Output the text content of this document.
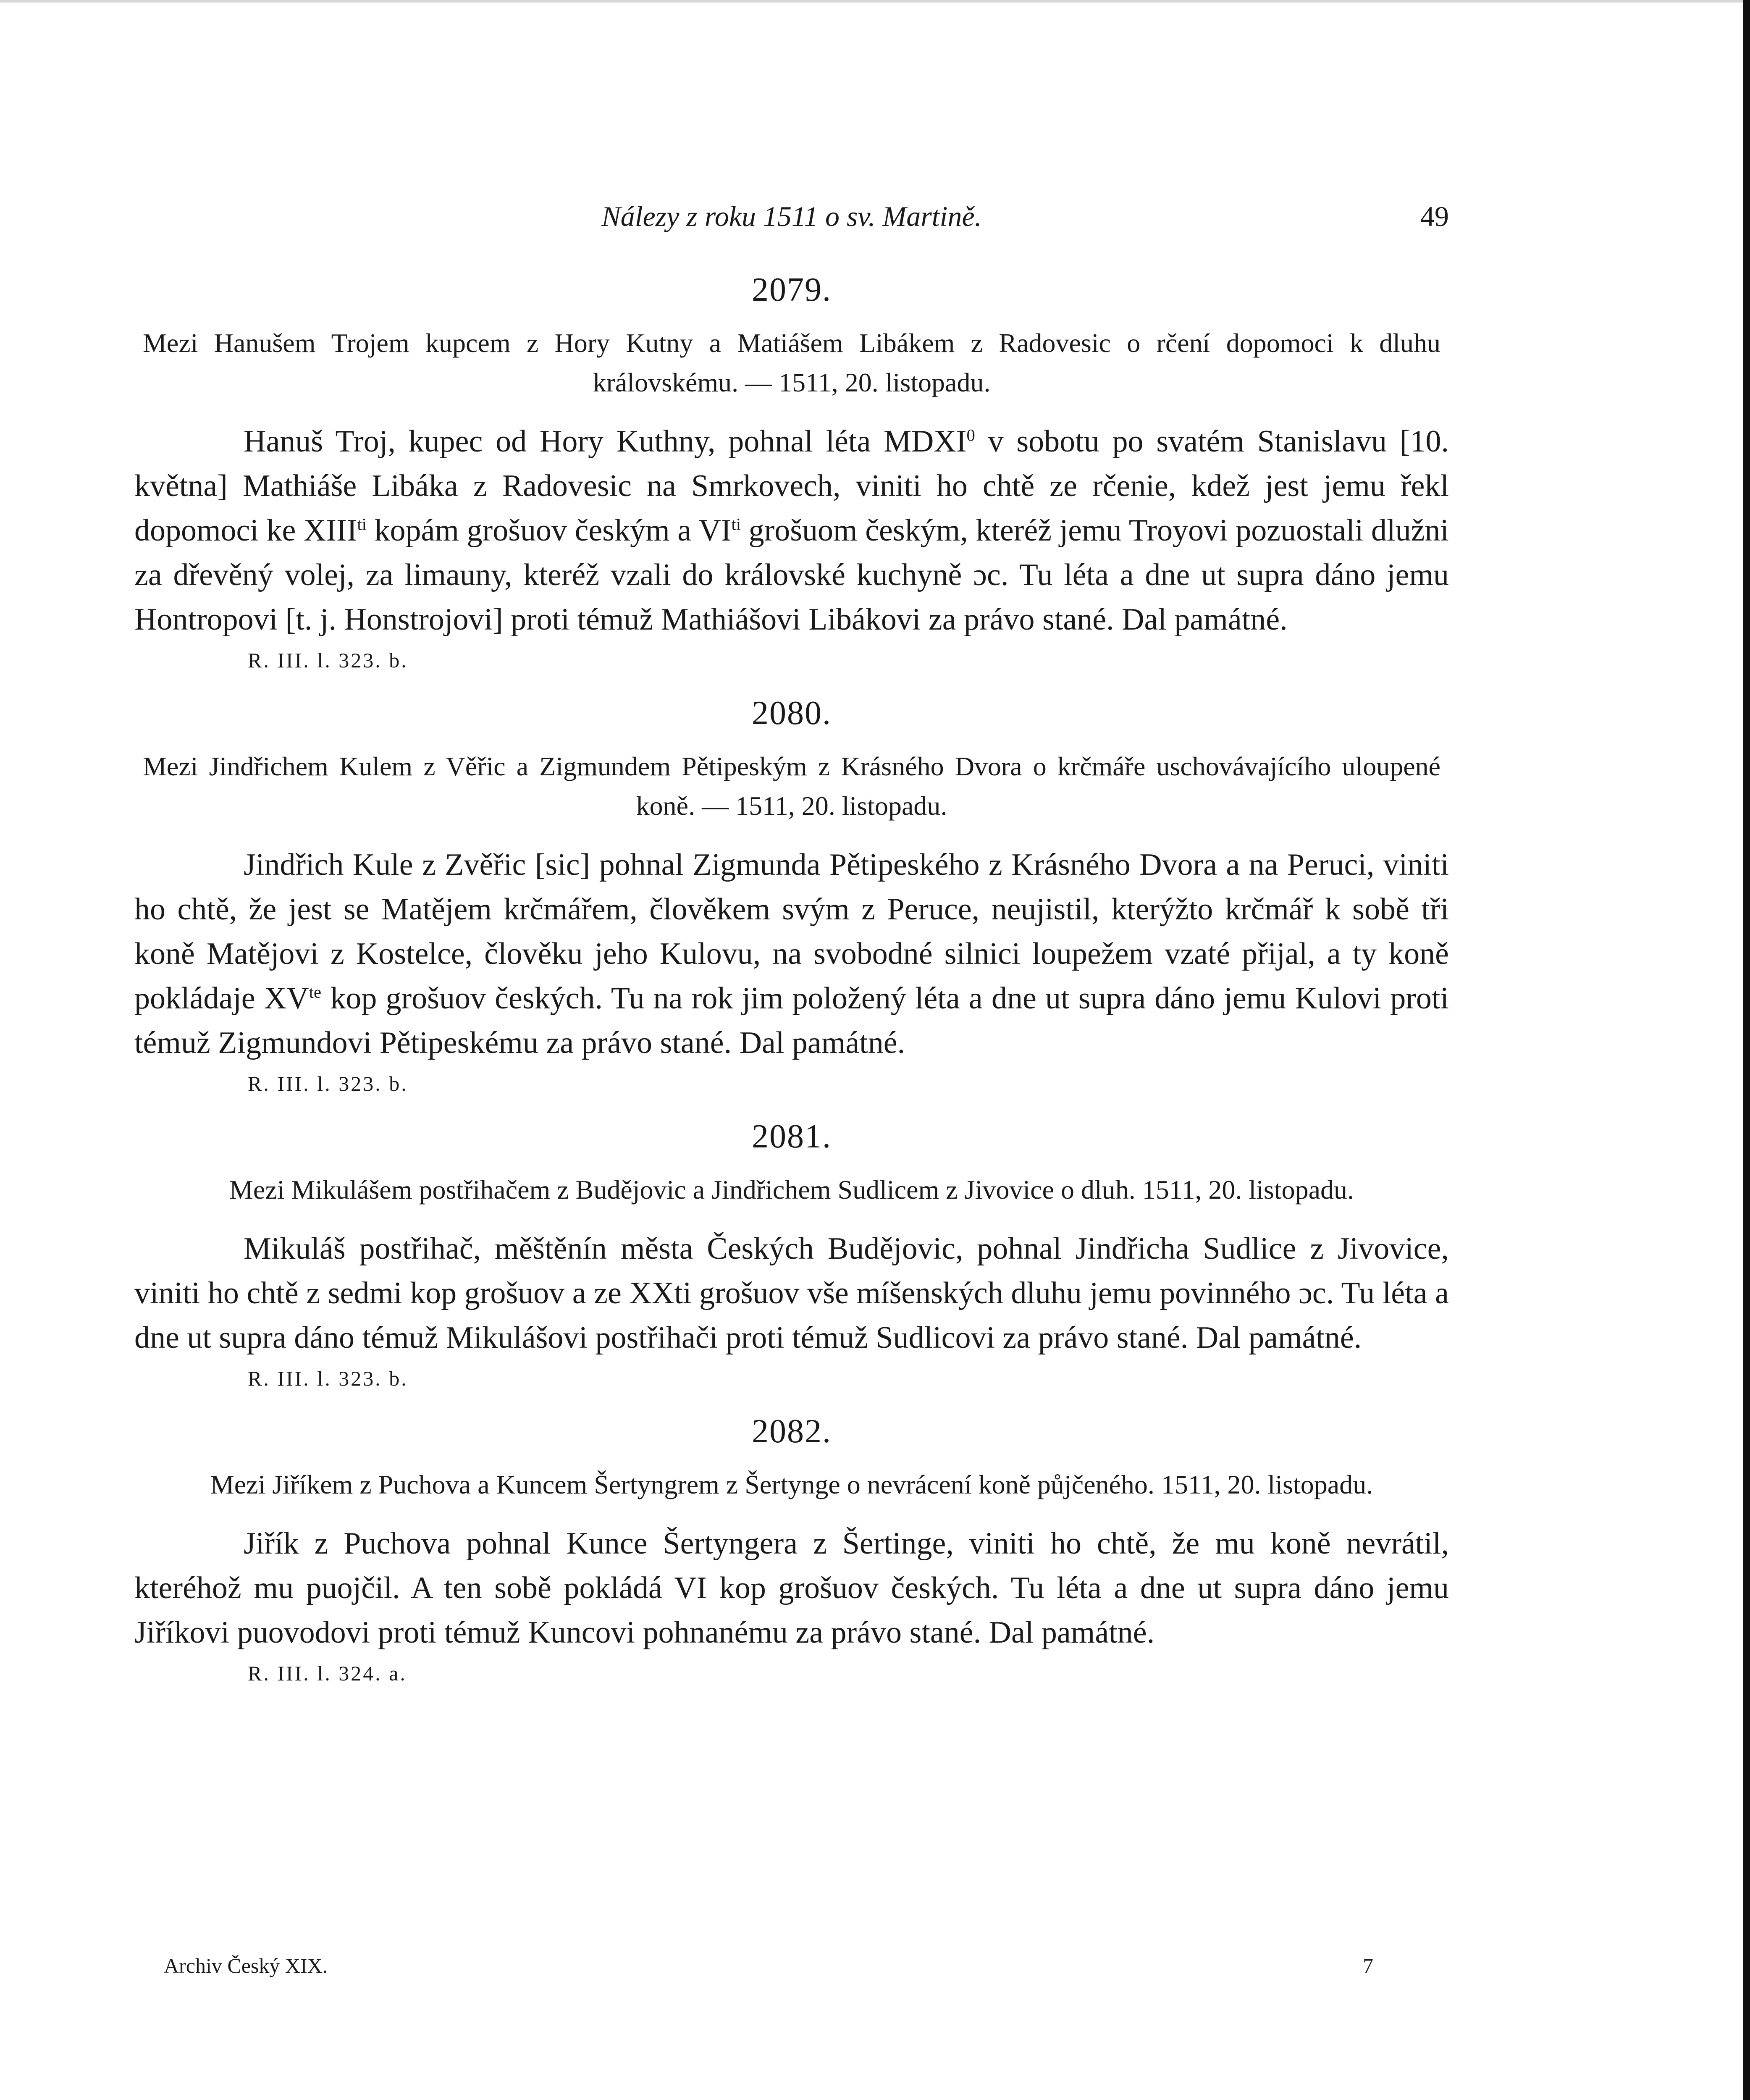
Nálezy z roku 1511 o sv. Martině.	49
2079.

Mezi Hanušem Trojem kupcem z Hory Kutny a Matiášem Libákem z Radovesic o rčení dopomoci k dluhu královskému. — 1511, 20. listopadu.

Hanuš Troj, kupec od Hory Kuthny, pohnal léta MDXI$^0$ v sobotu po svatém Stanislavu [10. května] Mathiáše Libáka z Radovesic na Smrkovech, viniti ho chtě ze rčenie, kdež jest jemu řekl dopomoci ke $XIII^{ti}$ kopám grošuov českým a $VI^{ti}$ grošuom českým, kteréž jemu Troyovi pozuostali dlužni za dřevěný volej, za limauny, kteréž vzali do královské kuchyně ɔc. Tu léta a dne ut supra dáno jemu Hontropovi [t. j. Honstrojovi] proti témuž Mathiášovi Libákovi za právo stané. Dal památné.

R. III. l. 323. b.
2080.

Mezi Jindřichem Kulem z Věřic a Zigmundem Pětipeským z Krásného Dvora o krčmáře uschovávajícího uloupené koně. — 1511, 20. listopadu.

Jindřich Kule z Zvěřic [sic] pohnal Zigmunda Pětipeského z Krásného Dvora a na Peruci, viniti ho chtě, že jest se Matějem krčmářem, člověkem svým z Peruce, neujistil, kterýžto krčmář k sobě tři koně Matějovi z Kostelce, člověku jeho Kulovu, na svobodné silnici loupežem vzaté přijal, a ty koně pokládaje $XV^{te}$ kop grošuov českých. Tu na rok jim položený léta a dne ut supra dáno jemu Kulovi proti témuž Zigmundovi Pětipeskému za právo stané. Dal památné.

R. III. l. 323. b.
2081.

Mezi Mikulášem postřihačem z Budějovic a Jindřichem Sudlicem z Jivovice o dluh. 1511, 20. listopadu.

Mikuláš postřihač, měštěnín města Českých Budějovic, pohnal Jindřicha Sudlice z Jivovice, viniti ho chtě z sedmi kop grošuov a ze XXti grošuov vše míšenských dluhu jemu povinného ɔc. Tu léta a dne ut supra dáno témuž Mikulášovi postřihači proti témuž Sudlicovi za právo stané. Dal památné.

R. III. l. 323. b.
2082.

Mezi Jiříkem z Puchova a Kuncem Šertyngrem z Šertynge o nevrácení koně půjčeného. 1511, 20. listopadu.

Jiřík z Puchova pohnal Kunce Šertyngera z Šertinge, viniti ho chtě, že mu koně nevrátil, kteréhož mu puojčil. A ten sobě pokládá VI kop grošuov českých. Tu léta a dne ut supra dáno jemu Jiříkovi puovodovi proti témuž Kuncovi pohnanému za právo stané. Dal památné.

R. III. l. 324. a.
Archiv Český XIX.	7
